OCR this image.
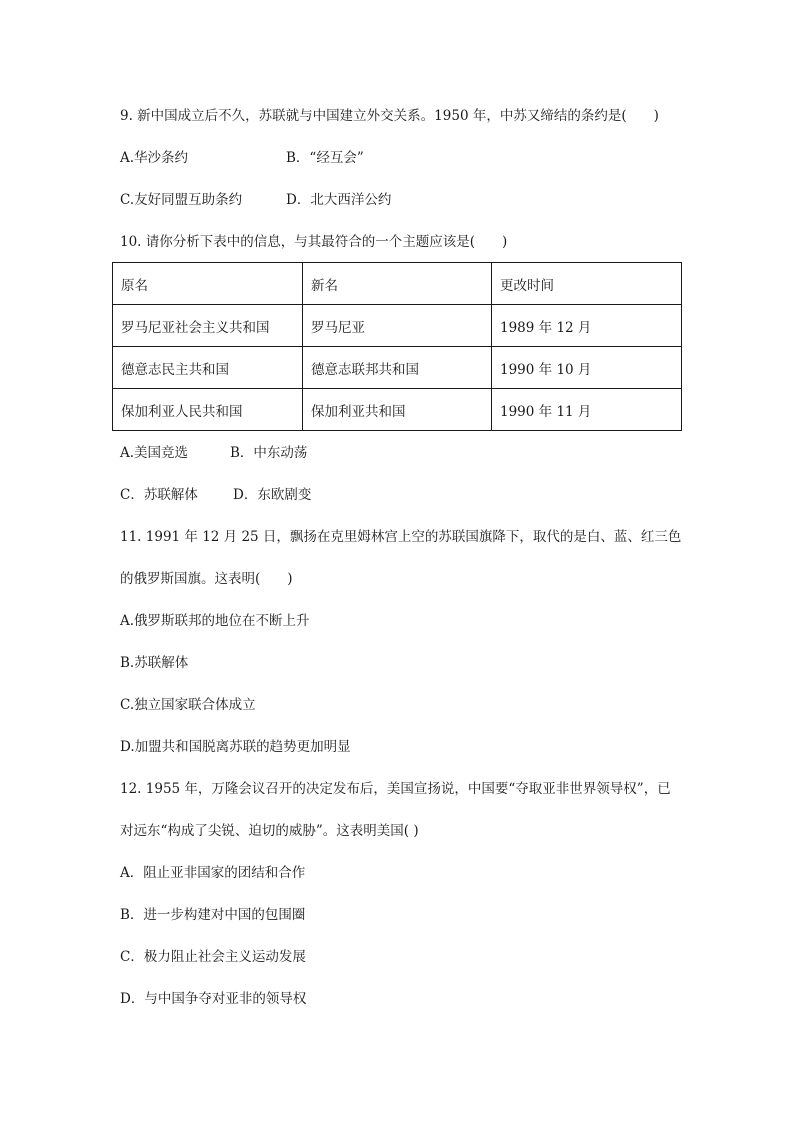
9. 新中国成立后不久，苏联就与中国建立外交关系。1950 年，中苏又缔结的条约是(　　)
A.华沙条约	B．“经互会”
C.友好同盟互助条约	D．北大西洋公约
10. 请你分析下表中的信息，与其最符合的一个主题应该是(　　)
原名	新名	更改时间
罗马尼亚社会主义共和国	罗马尼亚	1989 年 12 月
德意志民主共和国	德意志联邦共和国	1990 年 10 月
保加利亚人民共和国	保加利亚共和国	1990 年 11 月
A.美国竞选	B．中东动荡
C．苏联解体	D．东欧剧变
11. 1991 年 12 月 25 日，飘扬在克里姆林宫上空的苏联国旗降下，取代的是白、蓝、红三色
的俄罗斯国旗。这表明(　　)
A.俄罗斯联邦的地位在不断上升
B.苏联解体
C.独立国家联合体成立
D.加盟共和国脱离苏联的趋势更加明显
12. 1955 年，万隆会议召开的决定发布后，美国宣扬说，中国要“夺取亚非世界领导权”，已
对远东“构成了尖锐、迫切的威胁”。这表明美国( )
A．阻止亚非国家的团结和合作
B．进一步构建对中国的包围圈
C．极力阻止社会主义运动发展
D．与中国争夺对亚非的领导权
